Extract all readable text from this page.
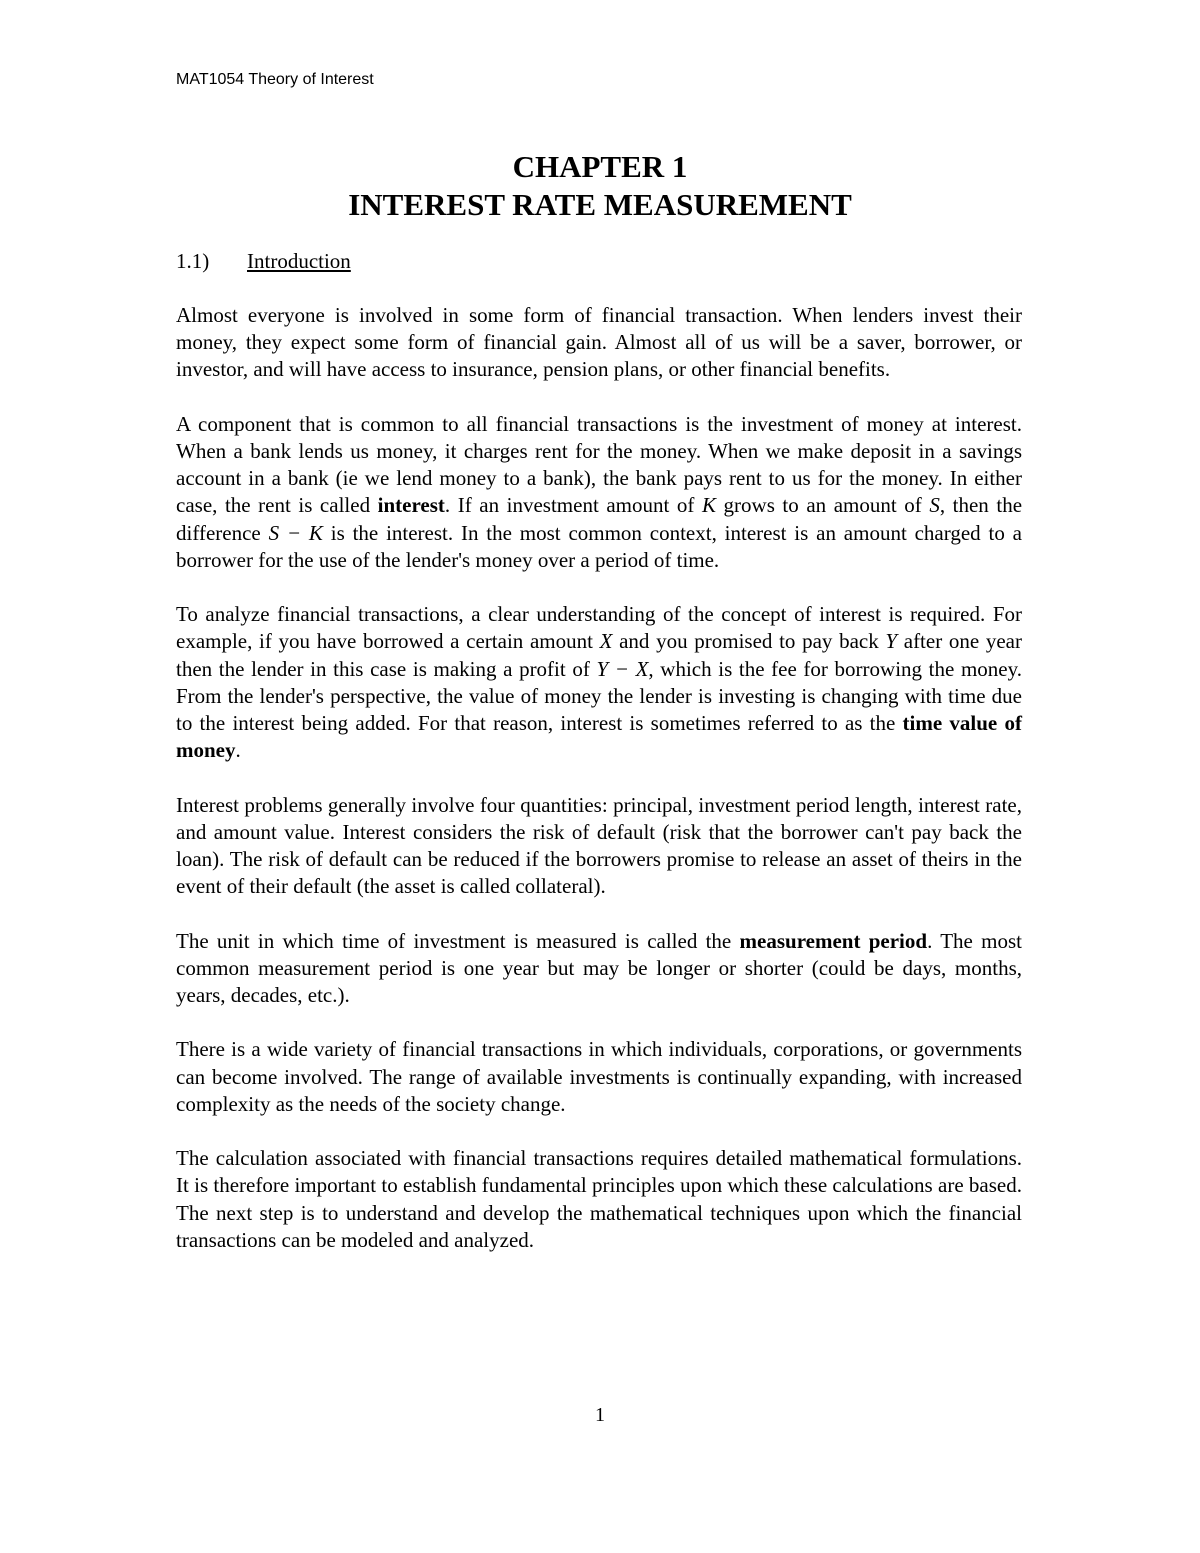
MAT1054 Theory of Interest
CHAPTER 1
INTEREST RATE MEASUREMENT
1.1) Introduction

Almost everyone is involved in some form of financial transaction. When lenders invest their money, they expect some form of financial gain. Almost all of us will be a saver, borrower, or investor, and will have access to insurance, pension plans, or other financial benefits.

A component that is common to all financial transactions is the investment of money at interest. When a bank lends us money, it charges rent for the money. When we make deposit in a savings account in a bank (ie we lend money to a bank), the bank pays rent to us for the money. In either case, the rent is called interest. If an investment amount of K grows to an amount of S, then the difference S − K is the interest. In the most common context, interest is an amount charged to a borrower for the use of the lender's money over a period of time.

To analyze financial transactions, a clear understanding of the concept of interest is required. For example, if you have borrowed a certain amount X and you promised to pay back Y after one year then the lender in this case is making a profit of Y − X, which is the fee for borrowing the money. From the lender's perspective, the value of money the lender is investing is changing with time due to the interest being added. For that reason, interest is sometimes referred to as the time value of money.

Interest problems generally involve four quantities: principal, investment period length, interest rate, and amount value. Interest considers the risk of default (risk that the borrower can't pay back the loan). The risk of default can be reduced if the borrowers promise to release an asset of theirs in the event of their default (the asset is called collateral).

The unit in which time of investment is measured is called the measurement period. The most common measurement period is one year but may be longer or shorter (could be days, months, years, decades, etc.).

There is a wide variety of financial transactions in which individuals, corporations, or governments can become involved. The range of available investments is continually expanding, with increased complexity as the needs of the society change.

The calculation associated with financial transactions requires detailed mathematical formulations. It is therefore important to establish fundamental principles upon which these calculations are based. The next step is to understand and develop the mathematical techniques upon which the financial transactions can be modeled and analyzed.

1
